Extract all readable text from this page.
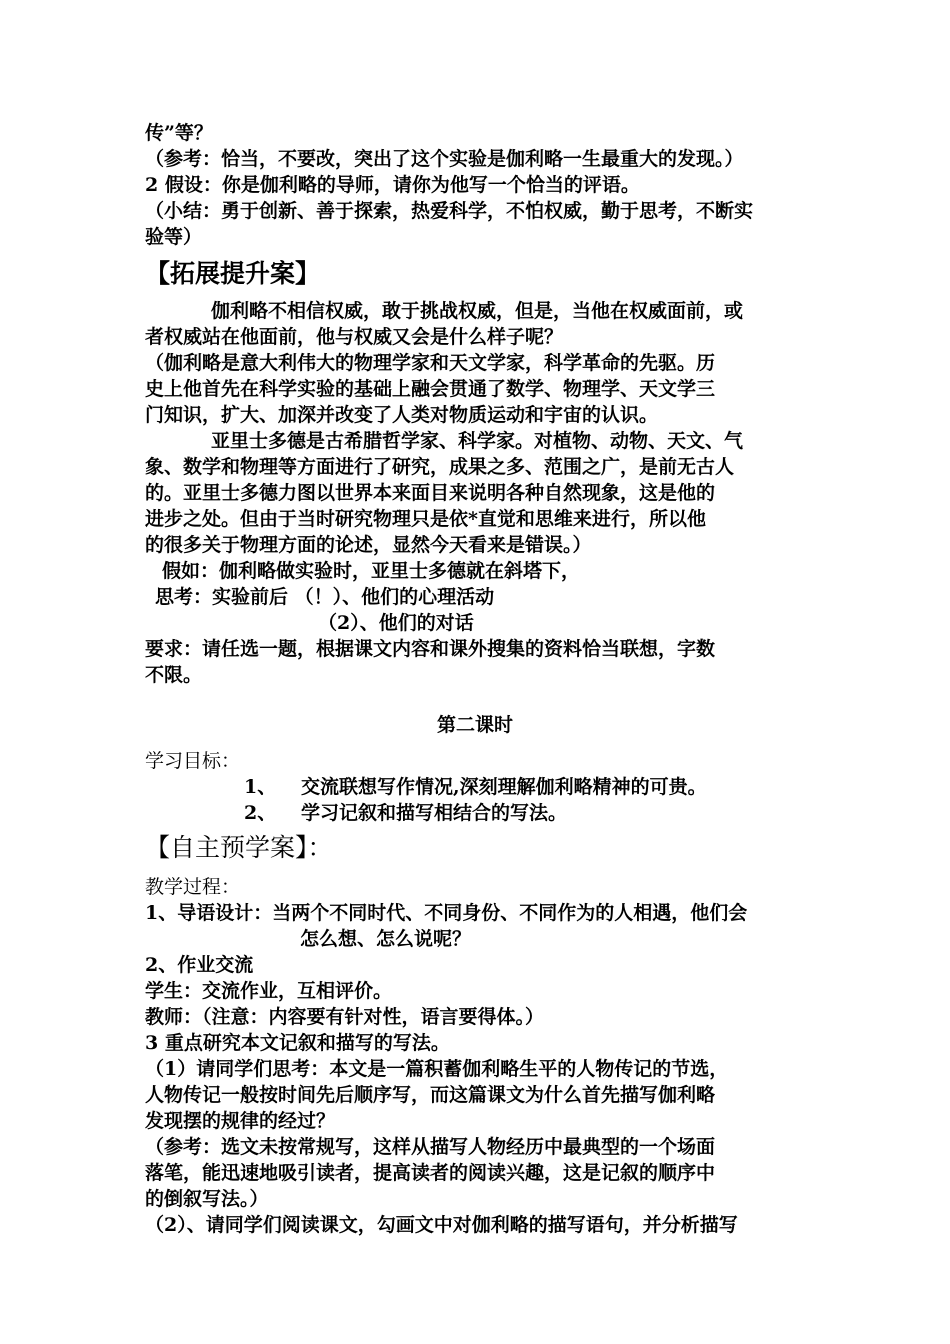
传”等？
（参考：恰当，不要改，突出了这个实验是伽利略一生最重大的发现。）
2 假设：你是伽利略的导师，请你为他写一个恰当的评语。
（小结：勇于创新、善于探索，热爱科学，不怕权威，勤于思考，不断实
验等）
【拓展提升案】
伽利略不相信权威，敢于挑战权威，但是，当他在权威面前，或
者权威站在他面前，他与权威又会是什么样子呢？
（伽利略是意大利伟大的物理学家和天文学家，科学革命的先驱。历
史上他首先在科学实验的基础上融会贯通了数学、物理学、天文学三
门知识，扩大、加深并改变了人类对物质运动和宇宙的认识。
亚里士多德是古希腊哲学家、科学家。对植物、动物、天文、气
象、数学和物理等方面进行了研究，成果之多、范围之广，是前无古人
的。亚里士多德力图以世界本来面目来说明各种自然现象，这是他的
进步之处。但由于当时研究物理只是依*直觉和思维来进行，所以他
的很多关于物理方面的论述，显然今天看来是错误。）
假如：伽利略做实验时，亚里士多德就在斜塔下，
思考：实验前后 （！）、他们的心理活动
（2）、他们的对话
要求：请任选一题，根据课文内容和课外搜集的资料恰当联想，字数
不限。
第二课时
学习目标：
1、 交流联想写作情况,深刻理解伽利略精神的可贵。
2、 学习记叙和描写相结合的写法。
【自主预学案】：
教学过程：
1、导语设计：当两个不同时代、不同身份、不同作为的人相遇，他们会
怎么想、怎么说呢？
2、作业交流
学生：交流作业，互相评价。
教师：（注意：内容要有针对性，语言要得体。）
3 重点研究本文记叙和描写的写法。
（1）请同学们思考：本文是一篇积蓄伽利略生平的人物传记的节选，
人物传记一般按时间先后顺序写，而这篇课文为什么首先描写伽利略
发现摆的规律的经过？
（参考：选文未按常规写，这样从描写人物经历中最典型的一个场面
落笔，能迅速地吸引读者，提高读者的阅读兴趣，这是记叙的顺序中
的倒叙写法。）
（2）、请同学们阅读课文，勾画文中对伽利略的描写语句，并分析描写
